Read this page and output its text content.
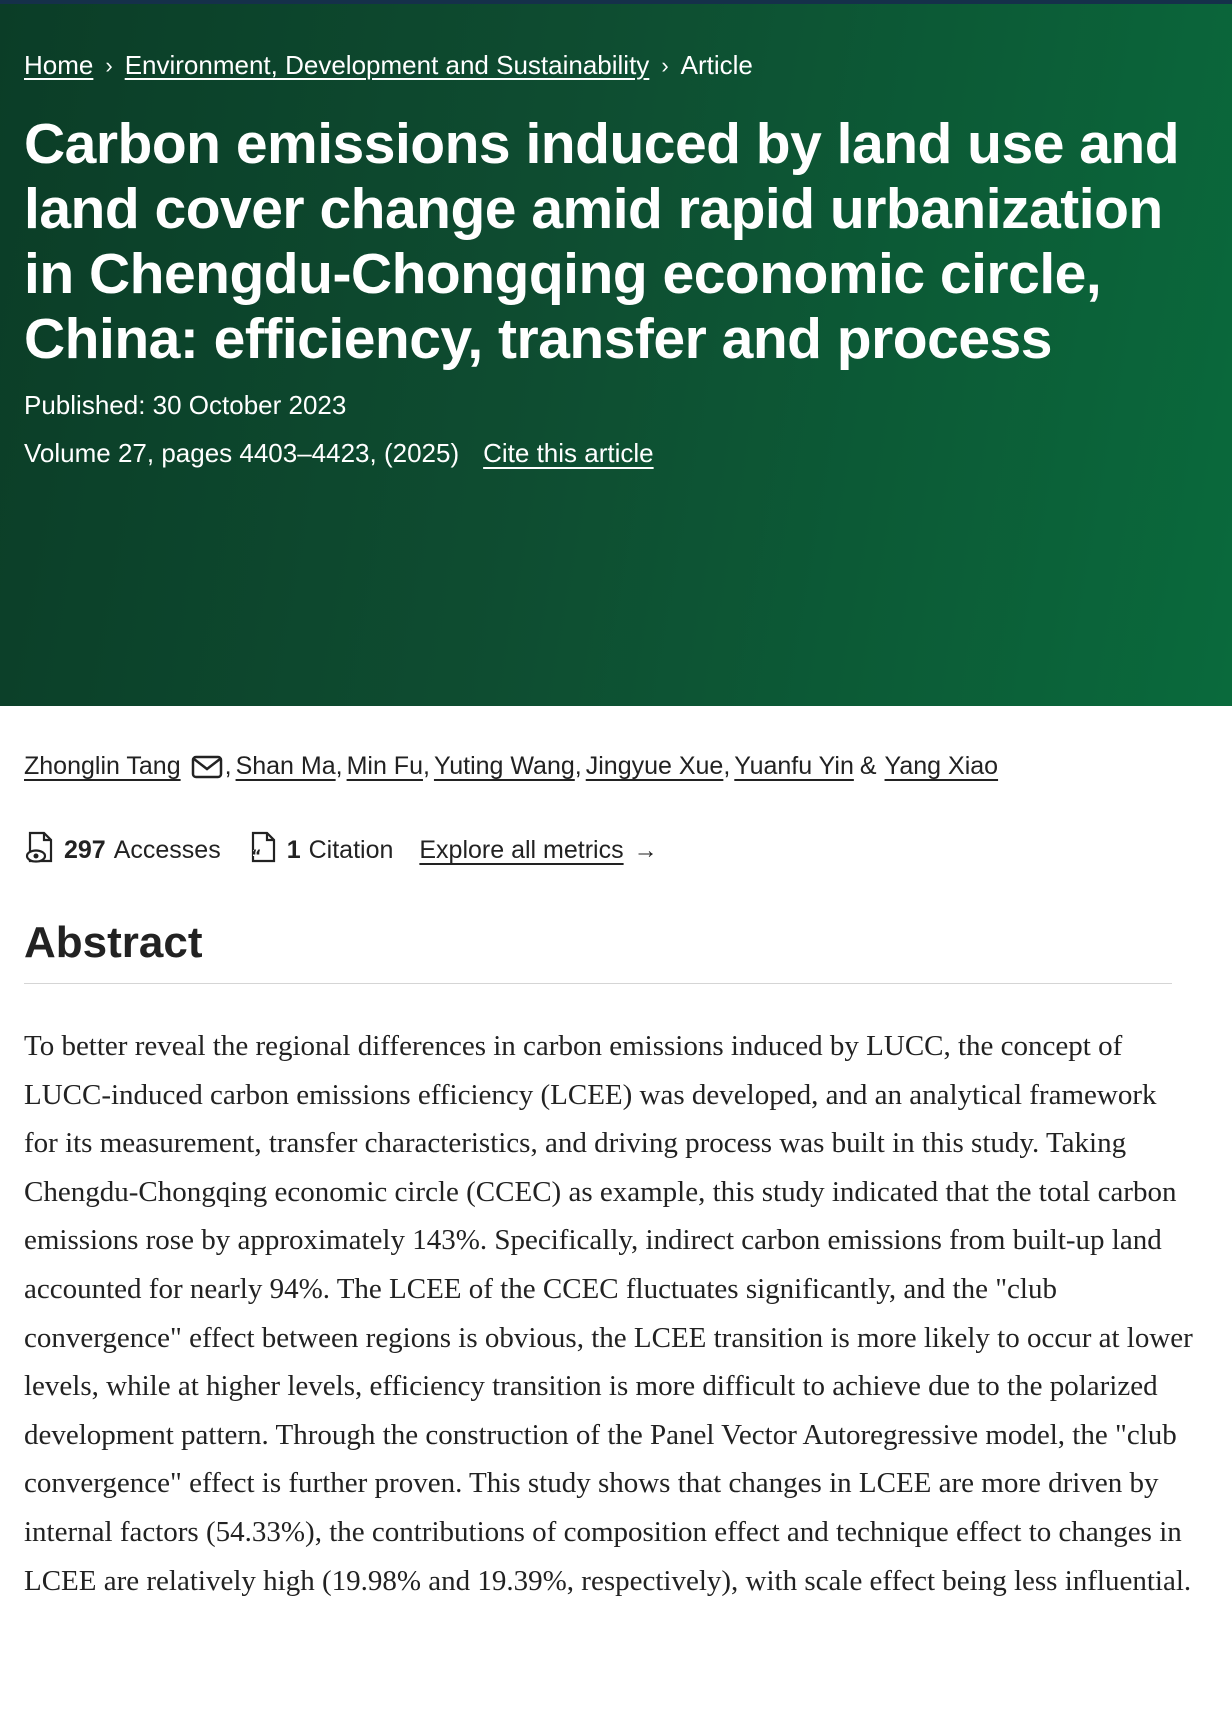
Home › Environment, Development and Sustainability › Article
Carbon emissions induced by land use and land cover change amid rapid urbanization in Chengdu-Chongqing economic circle, China: efficiency, transfer and process
Published: 30 October 2023
Volume 27, pages 4403–4423, (2025) Cite this article
Zhonglin Tang , Shan Ma , Min Fu , Yuting Wang , Jingyue Xue , Yuanfu Yin & Yang Xiao
297 Accesses “ 1 Citation Explore all metrics →
Abstract

To better reveal the regional differences in carbon emissions induced by LUCC, the concept of LUCC-induced carbon emissions efficiency (LCEE) was developed, and an analytical framework for its measurement, transfer characteristics, and driving process was built in this study. Taking Chengdu-Chongqing economic circle (CCEC) as example, this study indicated that the total carbon emissions rose by approximately 143%. Specifically, indirect carbon emissions from built-up land accounted for nearly 94%. The LCEE of the CCEC fluctuates significantly, and the "club convergence" effect between regions is obvious, the LCEE transition is more likely to occur at lower levels, while at higher levels, efficiency transition is more difficult to achieve due to the polarized development pattern. Through the construction of the Panel Vector Autoregressive model, the "club convergence" effect is further proven. This study shows that changes in LCEE are more driven by internal factors (54.33%), the contributions of composition effect and technique effect to changes in LCEE are relatively high (19.98% and 19.39%, respectively), with scale effect being less influential.
